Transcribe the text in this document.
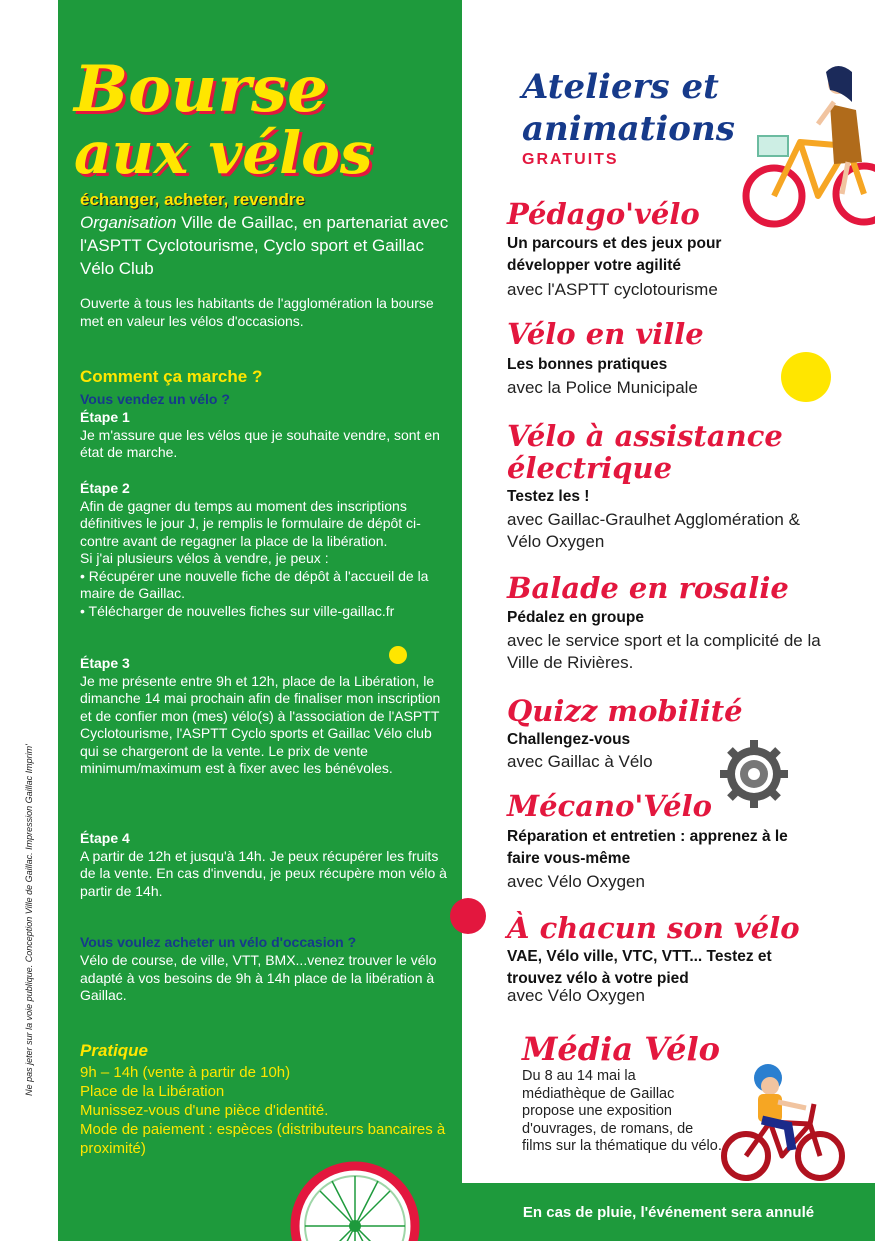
Ne pas jeter sur la voie publique. Conception Ville de Gaillac. Impression Gaillac Imprim'
Bourse
aux vélos
échanger, acheter, revendre
Organisation Ville de Gaillac, en partenariat avec l'ASPTT Cyclotourisme, Cyclo sport et Gaillac Vélo Club
Ouverte à tous les habitants de l'agglomération la bourse met en valeur les vélos d'occasions.
Comment ça marche ?
Vous vendez un vélo ?
Étape 1
Je m'assure que les vélos que je souhaite vendre, sont en état de marche.
Étape 2
Afin de gagner du temps au moment des inscriptions définitives le jour J, je remplis le formulaire de dépôt ci-contre avant de regagner la place de la libération.
Si j'ai plusieurs vélos à vendre, je peux :
• Récupérer une nouvelle fiche de dépôt à l'accueil de la maire de Gaillac.
• Télécharger de nouvelles fiches sur ville-gaillac.fr
Étape 3
Je me présente entre 9h et 12h, place de la Libération, le dimanche 14 mai prochain afin de finaliser mon inscription et de confier mon (mes) vélo(s) à l'association de l'ASPTT Cyclotourisme, l'ASPTT Cyclo sports et Gaillac Vélo club qui se chargeront de la vente. Le prix de vente minimum/maximum est à fixer avec les bénévoles.
Étape 4
A partir de 12h et jusqu'à 14h. Je peux récupérer les fruits de la vente. En cas d'invendu, je peux récupère mon vélo à partir de 14h.
Vous voulez acheter un vélo d'occasion ?
Vélo de course, de ville, VTT, BMX...venez trouver le vélo adapté à vos besoins de 9h à 14h place de la libération à Gaillac.
Pratique
9h – 14h (vente à partir de 10h)
Place de la Libération
Munissez-vous d'une pièce d'identité.
Mode de paiement : espèces (distributeurs bancaires à proximité)
Ateliers et
animations
GRATUITS
Pédago'vélo
Un parcours et des jeux pour développer votre agilité
avec l'ASPTT cyclotourisme
Vélo en ville
Les bonnes pratiques
avec la Police Municipale
Vélo à assistance électrique
Testez les !
avec Gaillac-Graulhet Agglomération & Vélo Oxygen
Balade en rosalie
Pédalez en groupe
avec le service sport et la complicité de la Ville de Rivières.
Quizz mobilité
Challengez-vous
avec Gaillac à Vélo
Mécano'Vélo
Réparation et entretien : apprenez à le faire vous-même
avec Vélo Oxygen
À chacun son vélo
VAE, Vélo ville, VTC, VTT... Testez et trouvez vélo à votre pied
avec Vélo Oxygen
Média Vélo
Du 8 au 14 mai la médiathèque de Gaillac propose une exposition d'ouvrages, de romans, de films sur la thématique du vélo.
En cas de pluie, l'événement sera annulé
